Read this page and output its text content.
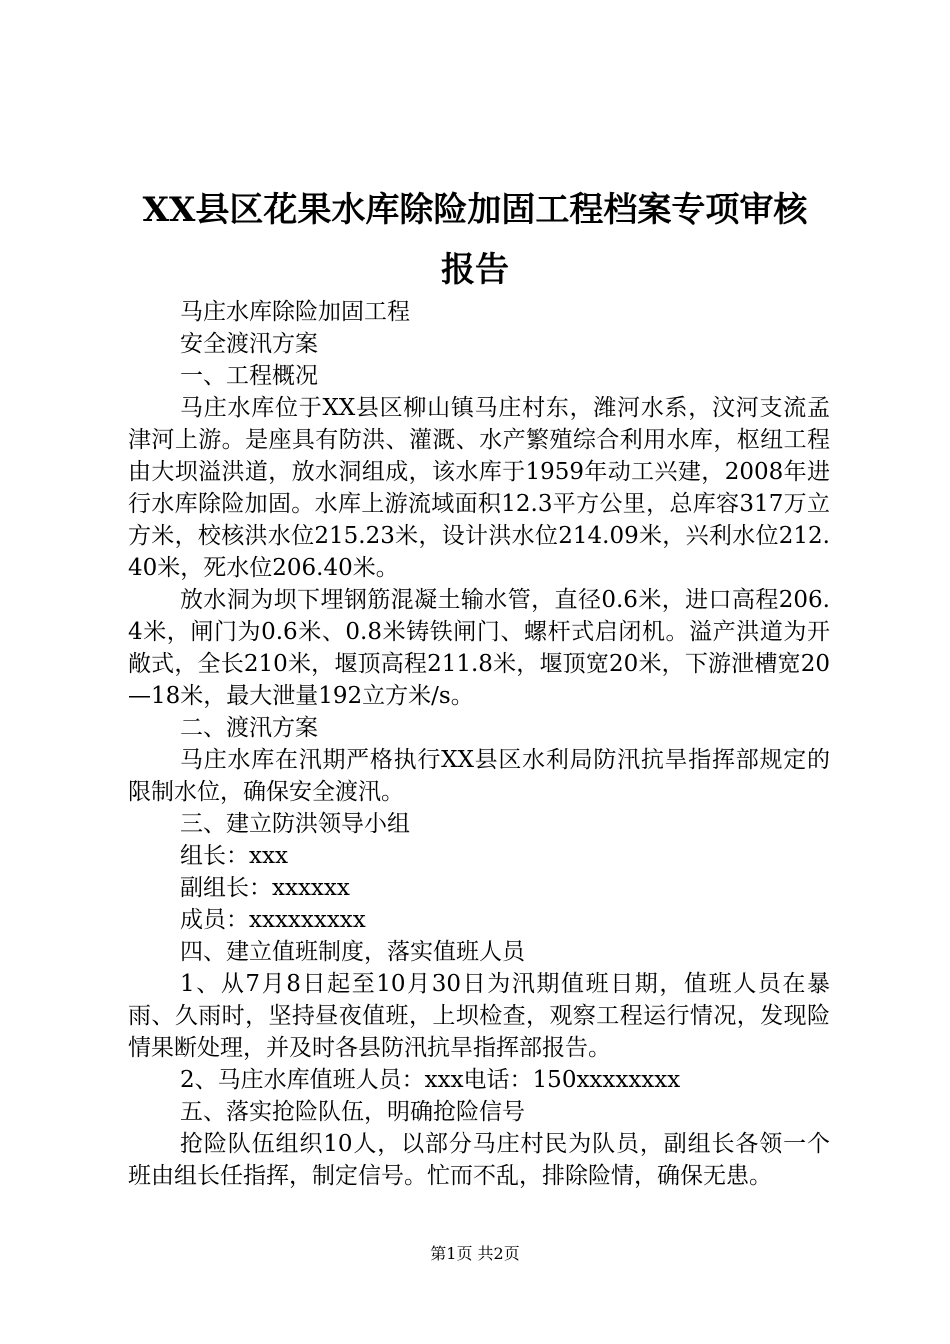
XX县区花果水库除险加固工程档案专项审核
报告

马庄水库除险加固工程

安全渡汛方案

一、工程概况

马庄水库位于XX县区柳山镇马庄村东，潍河水系，汶河支流孟津河上游。是座具有防洪、灌溉、水产繁殖综合利用水库，枢纽工程由大坝溢洪道，放水洞组成，该水库于1959年动工兴建，2008年进行水库除险加固。水库上游流域面积12.3平方公里，总库容317万立方米，校核洪水位215.23米，设计洪水位214.09米，兴利水位212.40米，死水位206.40米。

放水洞为坝下埋钢筋混凝土输水管，直径0.6米，进口高程206.4米，闸门为0.6米、0.8米铸铁闸门、螺杆式启闭机。溢产洪道为开敞式，全长210米，堰顶高程211.8米，堰顶宽20米，下游泄槽宽20—18米，最大泄量192立方米/s。

二、渡汛方案

马庄水库在汛期严格执行XX县区水利局防汛抗旱指挥部规定的限制水位，确保安全渡汛。

三、建立防洪领导小组

组长：xxx

副组长：xxxxxx

成员：xxxxxxxxx

四、建立值班制度，落实值班人员

1、从7月8日起至10月30日为汛期值班日期，值班人员在暴雨、久雨时，坚持昼夜值班，上坝检查，观察工程运行情况，发现险情果断处理，并及时各县防汛抗旱指挥部报告。

2、马庄水库值班人员：xxx电话：150xxxxxxxx

五、落实抢险队伍，明确抢险信号

抢险队伍组织10人，以部分马庄村民为队员，副组长各领一个班由组长任指挥，制定信号。忙而不乱，排除险情，确保无患。

第1页 共2页
